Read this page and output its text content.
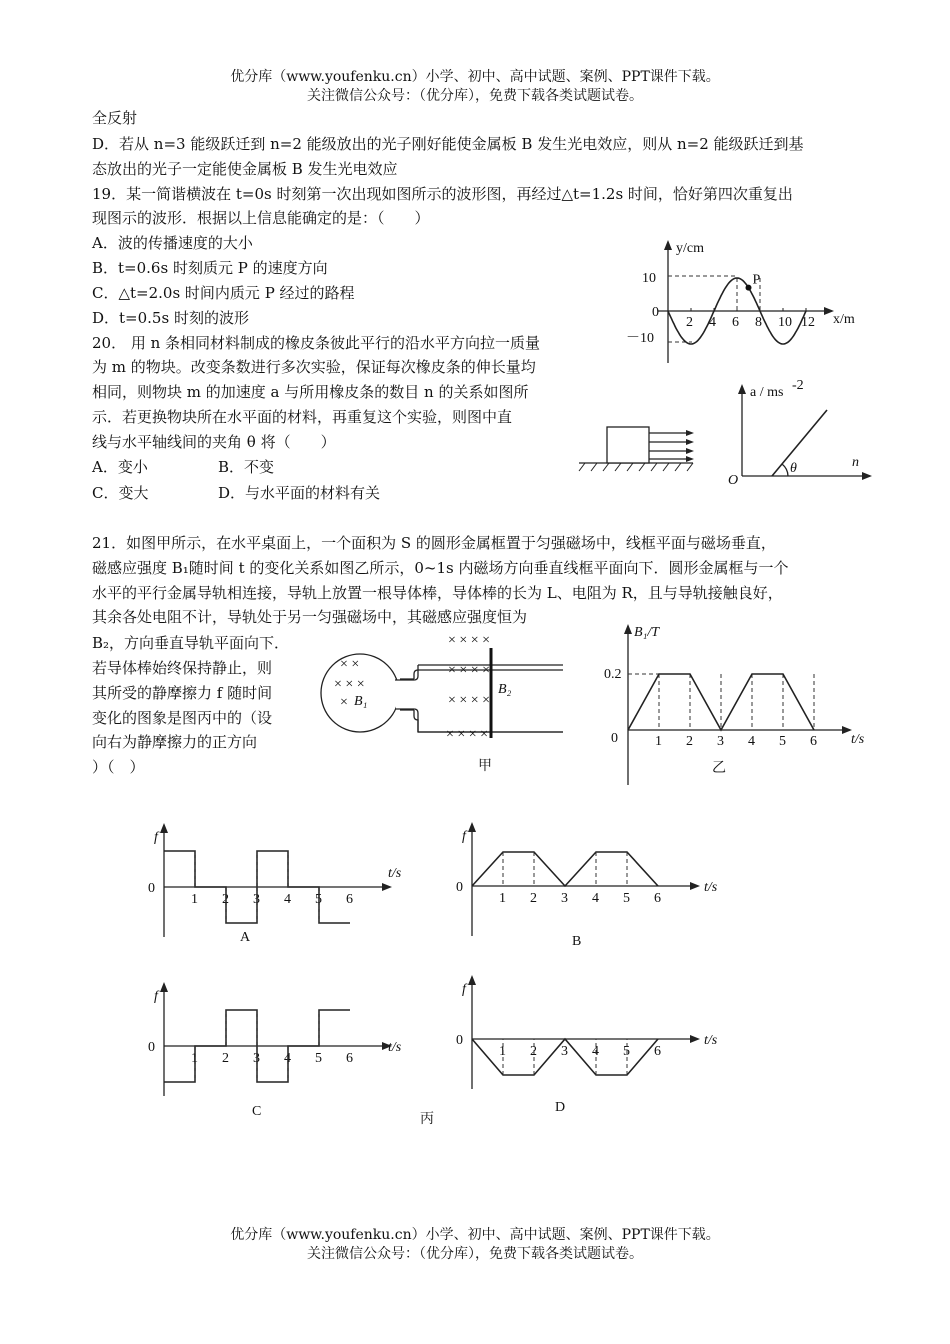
优分库（www.youfenku.cn）小学、初中、高中试题、案例、PPT课件下载。
关注微信公众号：（优分库），免费下载各类试题试卷。
全反射
D．若从 n=3 能级跃迁到 n=2 能级放出的光子刚好能使金属板 B 发生光电效应，则从 n=2 能级跃迁到基
态放出的光子一定能使金属板 B 发生光电效应
19．某一简谐横波在 t=0s 时刻第一次出现如图所示的波形图，再经过△t=1.2s 时间，恰好第四次重复出
现图示的波形．根据以上信息能确定的是：（　　）
A．波的传播速度的大小
B．t=0.6s 时刻质元 P 的速度方向
C．△t=2.0s 时间内质元 P 经过的路程
D．t=0.5s 时刻的波形
y/cm
x/m
10
0
－10
2 4 6 8 10 12
P
20． 用 n 条相同材料制成的橡皮条彼此平行的沿水平方向拉一质量
为 m 的物块。改变条数进行多次实验，保证每次橡皮条的伸长量均
相同，则物块 m 的加速度 a 与所用橡皮条的数目 n 的关系如图所
示．若更换物块所在水平面的材料，再重复这个实验，则图中直
线与水平轴线间的夹角 θ 将（　　）
A．变小	B．不变
C．变大	D．与水平面的材料有关
a / ms -2
n
O
θ
21．如图甲所示，在水平桌面上，一个面积为 S 的圆形金属框置于匀强磁场中，线框平面与磁场垂直，
磁感应强度 B₁随时间 t 的变化关系如图乙所示，0~1s 内磁场方向垂直线框平面向下．圆形金属框与一个
水平的平行金属导轨相连接，导轨上放置一根导体棒，导体棒的长为 L、电阻为 R，且与导轨接触良好，
其余各处电阻不计，导轨处于另一匀强磁场中，其磁感应强度恒为
B₂，方向垂直导轨平面向下．
若导体棒始终保持静止，则
其所受的静摩擦力 f 随时间
变化的图象是图丙中的（设
向右为静摩擦力的正方向
）（　）
× ×
× × ×
×
× × × ×
× × × ×
× × × ×
× × × ×
B₁
B₂
甲
B₁/T
t/s
0.2
0	1 2 3 4 5 6
乙
f
t/s
0
1 2 3 4 5 6
A
f
t/s
0
1 2 3 4 5 6
B
f
t/s
0
1 2 3 4 5 6
C
f
t/s
0
1 2 3 4 5 6
D
丙
优分库（www.youfenku.cn）小学、初中、高中试题、案例、PPT课件下载。
关注微信公众号：（优分库），免费下载各类试题试卷。
